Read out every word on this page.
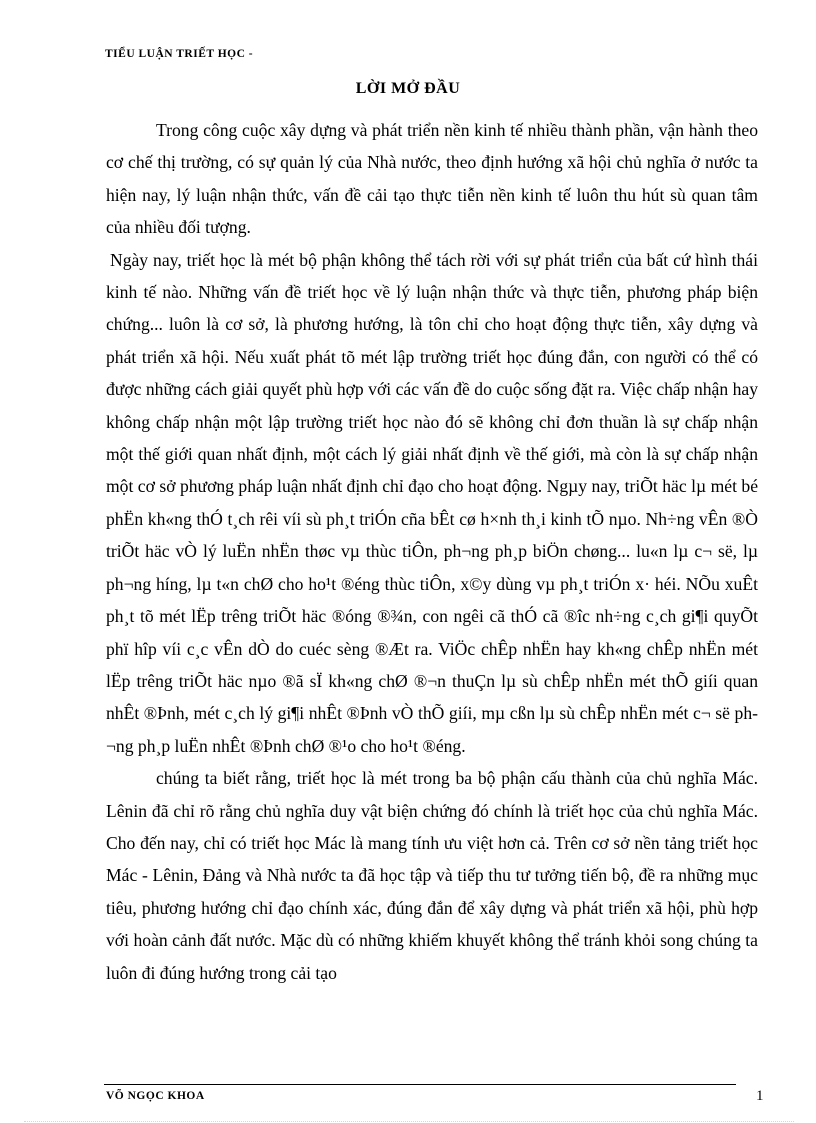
TIỂU LUẬN TRIẾT HỌC -
LỜI MỞ ĐẦU

Trong công cuộc xây dựng và phát triển nền kinh tế nhiều thành phần, vận hành theo cơ chế thị trường, có sự quản lý của Nhà nước, theo định hướng xã hội chủ nghĩa ở nước ta hiện nay, lý luận nhận thức, vấn đề cải tạo thực tiễn nền kinh tế luôn thu hút sù quan tâm của nhiều đối tượng.

Ngày nay, triết học là mét bộ phận không thể tách rời với sự phát triển của bất cứ hình thái kinh tế nào. Những vấn đề triết học về lý luận nhận thức và thực tiễn, phương pháp biện chứng... luôn là cơ sở, là phương hướng, là tôn chỉ cho hoạt động thực tiễn, xây dựng và phát triển xã hội. Nếu xuất phát tõ mét lập trường triết học đúng đắn, con người có thể có được những cách giải quyết phù hợp với các vấn đề do cuộc sống đặt ra. Việc chấp nhận hay không chấp nhận một lập trường triết học nào đó sẽ không chỉ đơn thuần là sự chấp nhận một thế giới quan nhất định, một cách lý giải nhất định về thế giới, mà còn là sự chấp nhận một cơ sở phương pháp luận nhất định chỉ đạo cho hoạt động. Ngµy nay, triÕt häc lµ mét bé phËn kh«ng thÓ t¸ch rêi víi sù ph¸t triÓn cña bÊt cø h×nh th¸i kinh tÕ nµo. Nh÷ng vÊn ®Ò triÕt häc vÒ lý luËn nhËn thøc vµ thùc tiÔn, ph¬ng ph¸p biÖn chøng... lu«n lµ c¬ së, lµ ph¬ng híng, lµ t«n chØ cho ho¹t ®éng thùc tiÔn, x©y dùng vµ ph¸t triÓn x· héi. NÕu xuÊt ph¸t tõ mét lËp trêng triÕt häc ®óng ®¾n, con ngêi cã thÓ cã ®îc nh÷ng c¸ch gi¶i quyÕt phï hîp víi c¸c vÊn dÒ do cuéc sèng ®Æt ra. ViÖc chÊp nhËn hay kh«ng chÊp nhËn mét lËp trêng triÕt häc nµo ®ã sÏ kh«ng chØ ®¬n thuÇn lµ sù chÊp nhËn mét thÕ giíi quan nhÊt ®Þnh, mét c¸ch lý gi¶i nhÊt ®Þnh vÒ thÕ giíi, mµ cßn lµ sù chÊp nhËn mét c¬ së ph¬ng ph¸p luËn nhÊt ®Þnh chØ ®¹o cho ho¹t ®éng.

chúng ta biết rằng, triết học là mét trong ba bộ phận cấu thành của chủ nghĩa Mác. Lênin đã chỉ rõ rằng chủ nghĩa duy vật biện chứng đó chính là triết học của chủ nghĩa Mác. Cho đến nay, chỉ có triết học Mác là mang tính ưu việt hơn cả. Trên cơ sở nền tảng triết học Mác - Lênin, Đảng và Nhà nước ta đã học tập và tiếp thu tư tưởng tiến bộ, đề ra những mục tiêu, phương hướng chỉ đạo chính xác, đúng đắn để xây dựng và phát triển xã hội, phù hợp với hoàn cảnh đất nước. Mặc dù có những khiếm khuyết không thể tránh khỏi song chúng ta luôn đi đúng hướng trong cải tạo

VÕ NGỌC KHOA	1
